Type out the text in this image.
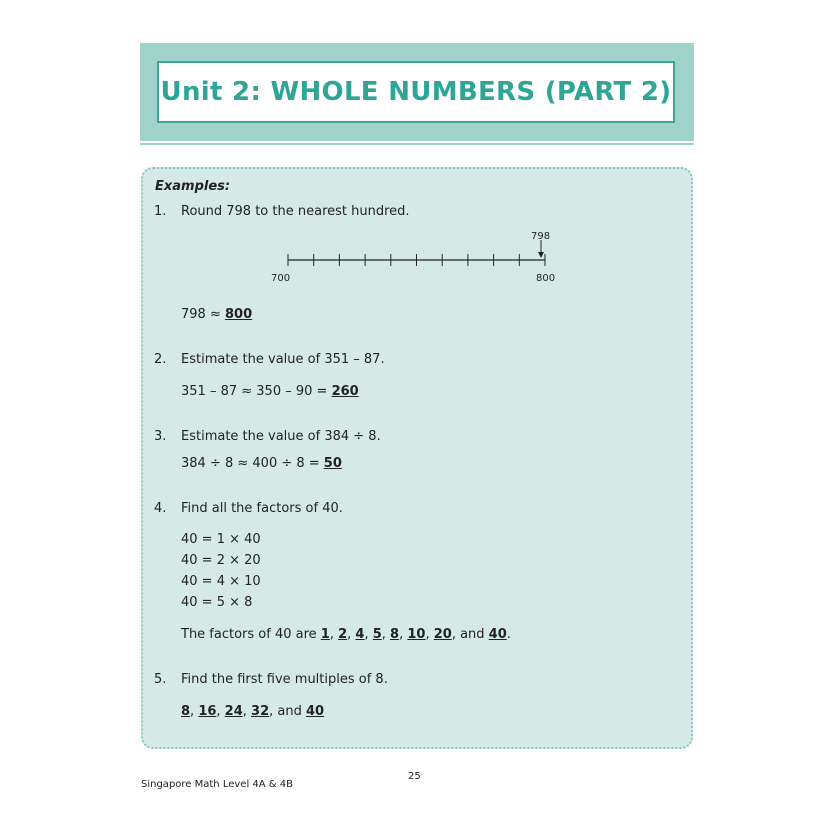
Unit 2: WHOLE NUMBERS (PART 2)
Examples:
1. Round 798 to the nearest hundred.
798
700	800
798 ≈ 800
2. Estimate the value of 351 – 87.
351 – 87 ≈ 350 – 90 = 260
3. Estimate the value of 384 ÷ 8.
384 ÷ 8 ≈ 400 ÷ 8 = 50
4. Find all the factors of 40.
40 = 1 × 40
40 = 2 × 20
40 = 4 × 10
40 = 5 × 8
The factors of 40 are 1, 2, 4, 5, 8, 10, 20, and 40.
5. Find the first five multiples of 8.
8, 16, 24, 32, and 40
25
Singapore Math Level 4A & 4B
